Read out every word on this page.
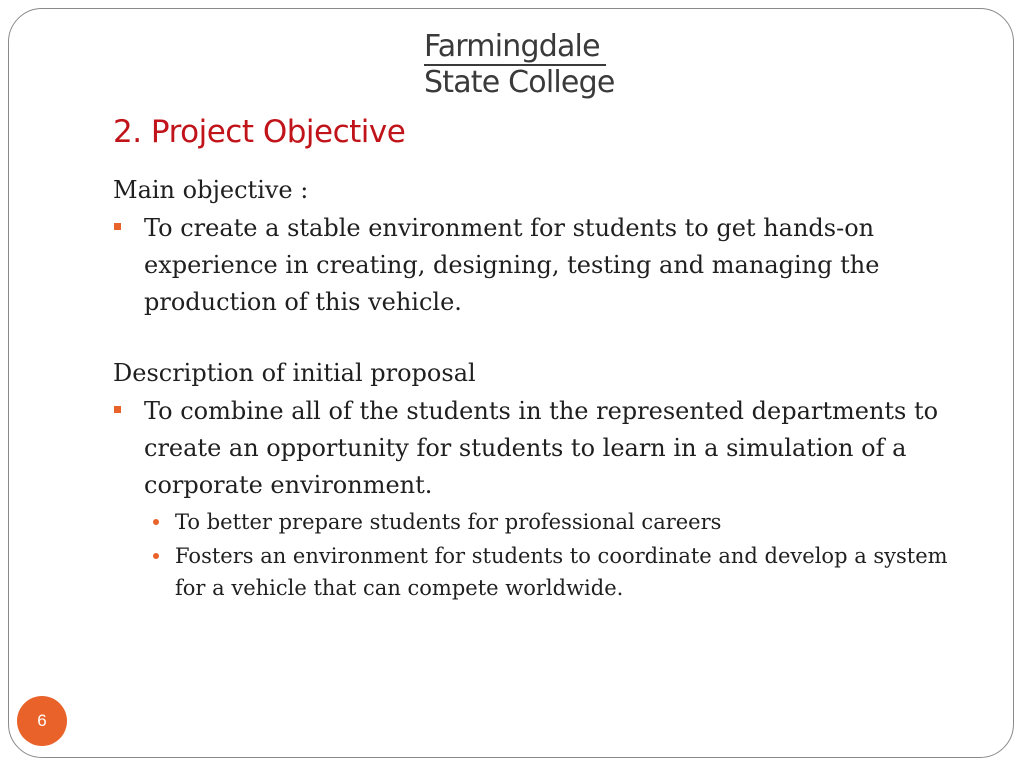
Farmingdale
State College
2. Project Objective

Main objective :

To create a stable environment for students to get hands-on experience in creating, designing, testing and managing the production of this vehicle.

Description of initial proposal

To combine all of the students in the represented departments to create an opportunity for students to learn in a simulation of a corporate environment.
To better prepare students for professional careers
Fosters an environment for students to coordinate and develop a system for a vehicle that can compete worldwide.
6
